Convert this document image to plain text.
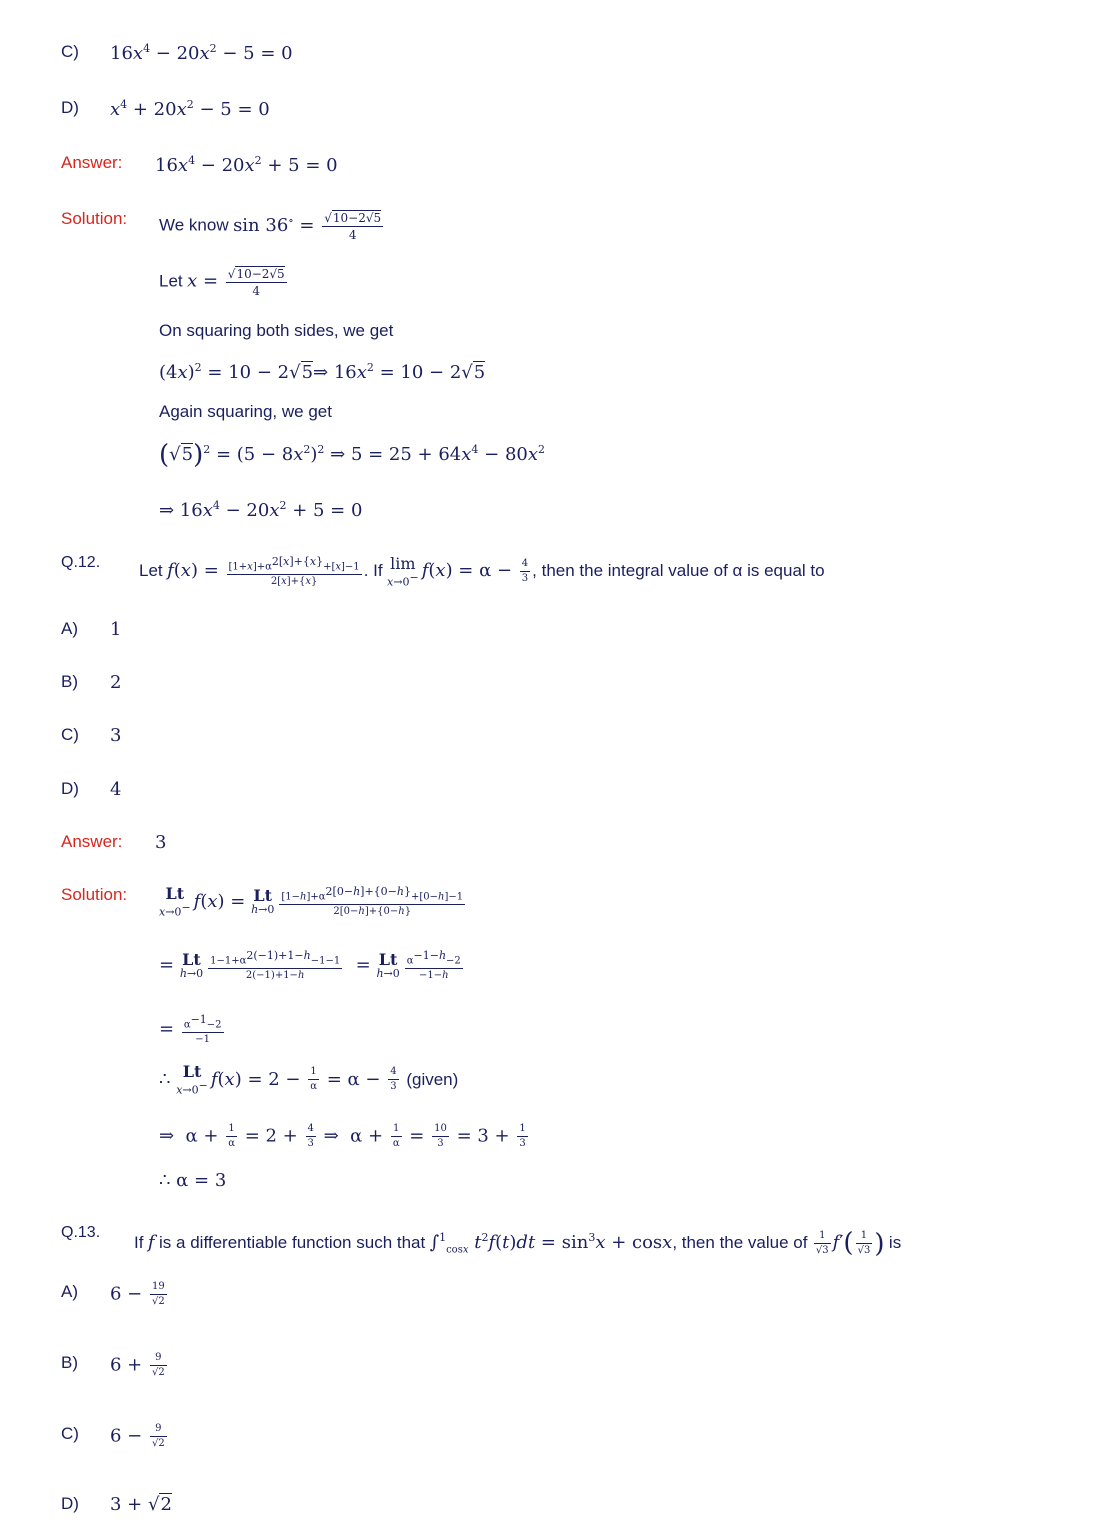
C) $16x^4 - 20x^2 - 5 = 0$
D) $x^4 + 20x^2 - 5 = 0$
Answer: $16x^4 - 20x^2 + 5 = 0$
Solution: We know $\sin 36^\circ = \frac{√10-2√5}{4}$
Let $x = \frac{√10-2√5}{4}$
On squaring both sides, we get
$(4x)^2 = 10$ − 2√5⇒ $16x^2 = 10 - 2√5$
Again squaring, we get
$(√5)^2 = (5 - 8x^2)^2$ ⇒ $5 = 25 + 64x^4 - 80x^2$
⇒ $16x^4 - 20x^2 + 5 = 0$
Q.12. Let $f(x) = \frac{[1+x]+\alpha^{2[x]+\{x\}}+[x]-1}{2[x]+\{x\}}$ . If lim
x→0− $f(x) = \alpha - \frac{4}{3}$ , then the integral value of α is equal to
A) 1
B) 2
C) 3
D) 4
Answer: 3
Solution:	Lt
x→0− f(x) = Lt
$h\to 0 \frac{[1-h]+\alpha^{2[0-h]+\{0-h\}}+[0-h]-1}{2[0-h]+\{0-h\}}$
= Lt
$h\to 0 \frac{1-1+\alpha^{2(-1)+1-h}-1-1}{2(-1)+1-h} = Lt$
$h\to 0 \frac{\alpha^{-1-h}-2}{-1-h}$
= $\frac{\alpha^{-1}-2}{-1}$
∴ Lt
x→0− $f(x) = 2 - \frac{1}{\alpha} = \alpha - \frac{4}{3}$ (given)
⇒  $\alpha + \frac{1}{\alpha} = 2 + \frac{4}{3}$ ⇒  $\alpha + \frac{1}{\alpha} = \frac{10}{3} = 3 + \frac{1}{3}$
∴ α = 3
Q.13.
If f is a differentiable function such that ∫$^1_{cosx}$ $t^2f(t)dt = \sin^3x + \cos x$, then the value of $\frac{1}{√3} f'( \frac{1}{√3}$ ) is
A) $6 - \frac{19}{√2}$
B) $6 + \frac{9}{√2}$
C) $6 - \frac{9}{√2}$
D) 3 + √2
